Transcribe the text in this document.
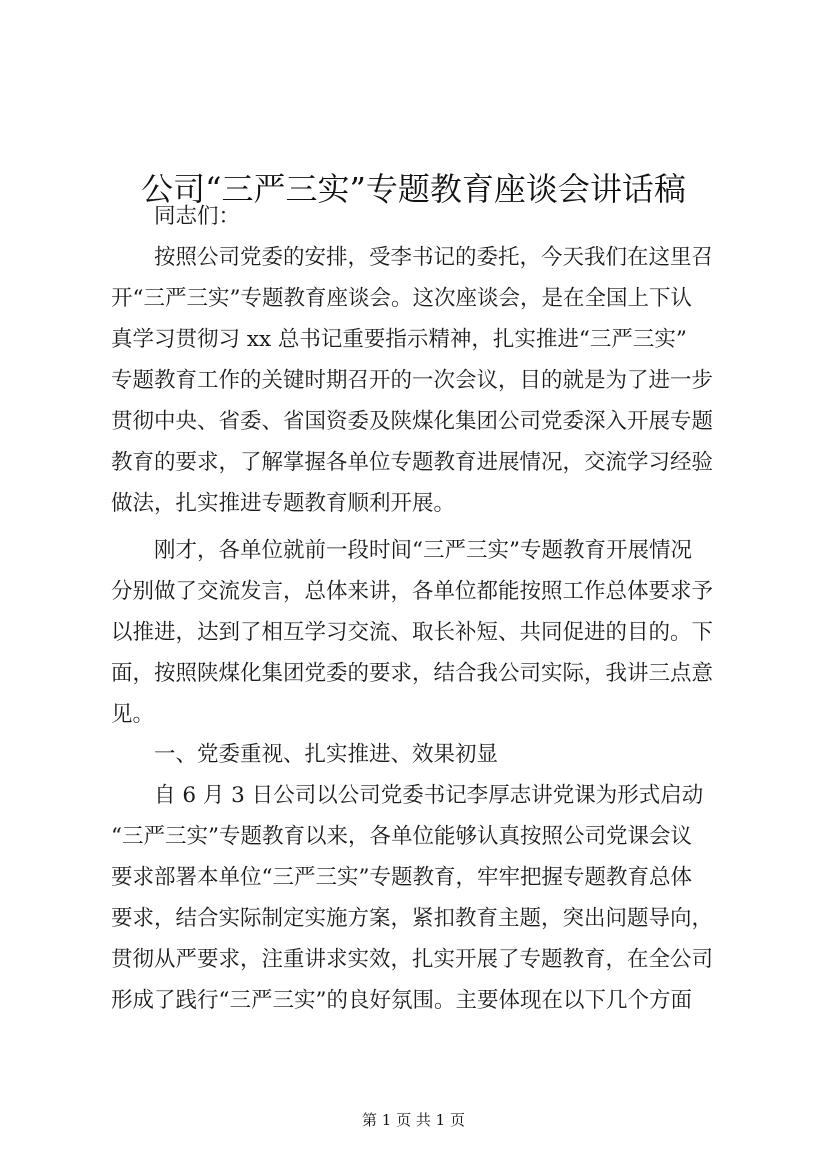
公司“三严三实”专题教育座谈会讲话稿
同志们：
　　按照公司党委的安排，受李书记的委托，今天我们在这里召
开“三严三实”专题教育座谈会。这次座谈会，是在全国上下认
真学习贯彻习 xx 总书记重要指示精神，扎实推进“三严三实”
专题教育工作的关键时期召开的一次会议，目的就是为了进一步
贯彻中央、省委、省国资委及陕煤化集团公司党委深入开展专题
教育的要求，了解掌握各单位专题教育进展情况，交流学习经验
做法，扎实推进专题教育顺利开展。
　　刚才，各单位就前一段时间“三严三实”专题教育开展情况
分别做了交流发言，总体来讲，各单位都能按照工作总体要求予
以推进，达到了相互学习交流、取长补短、共同促进的目的。下
面，按照陕煤化集团党委的要求，结合我公司实际，我讲三点意
见。
一、党委重视、扎实推进、效果初显
　　自 6 月 3 日公司以公司党委书记李厚志讲党课为形式启动
“三严三实”专题教育以来，各单位能够认真按照公司党课会议
要求部署本单位“三严三实”专题教育，牢牢把握专题教育总体
要求，结合实际制定实施方案，紧扣教育主题，突出问题导向，
贯彻从严要求，注重讲求实效，扎实开展了专题教育，在全公司
形成了践行“三严三实”的良好氛围。主要体现在以下几个方面
第 1 页 共 1 页
